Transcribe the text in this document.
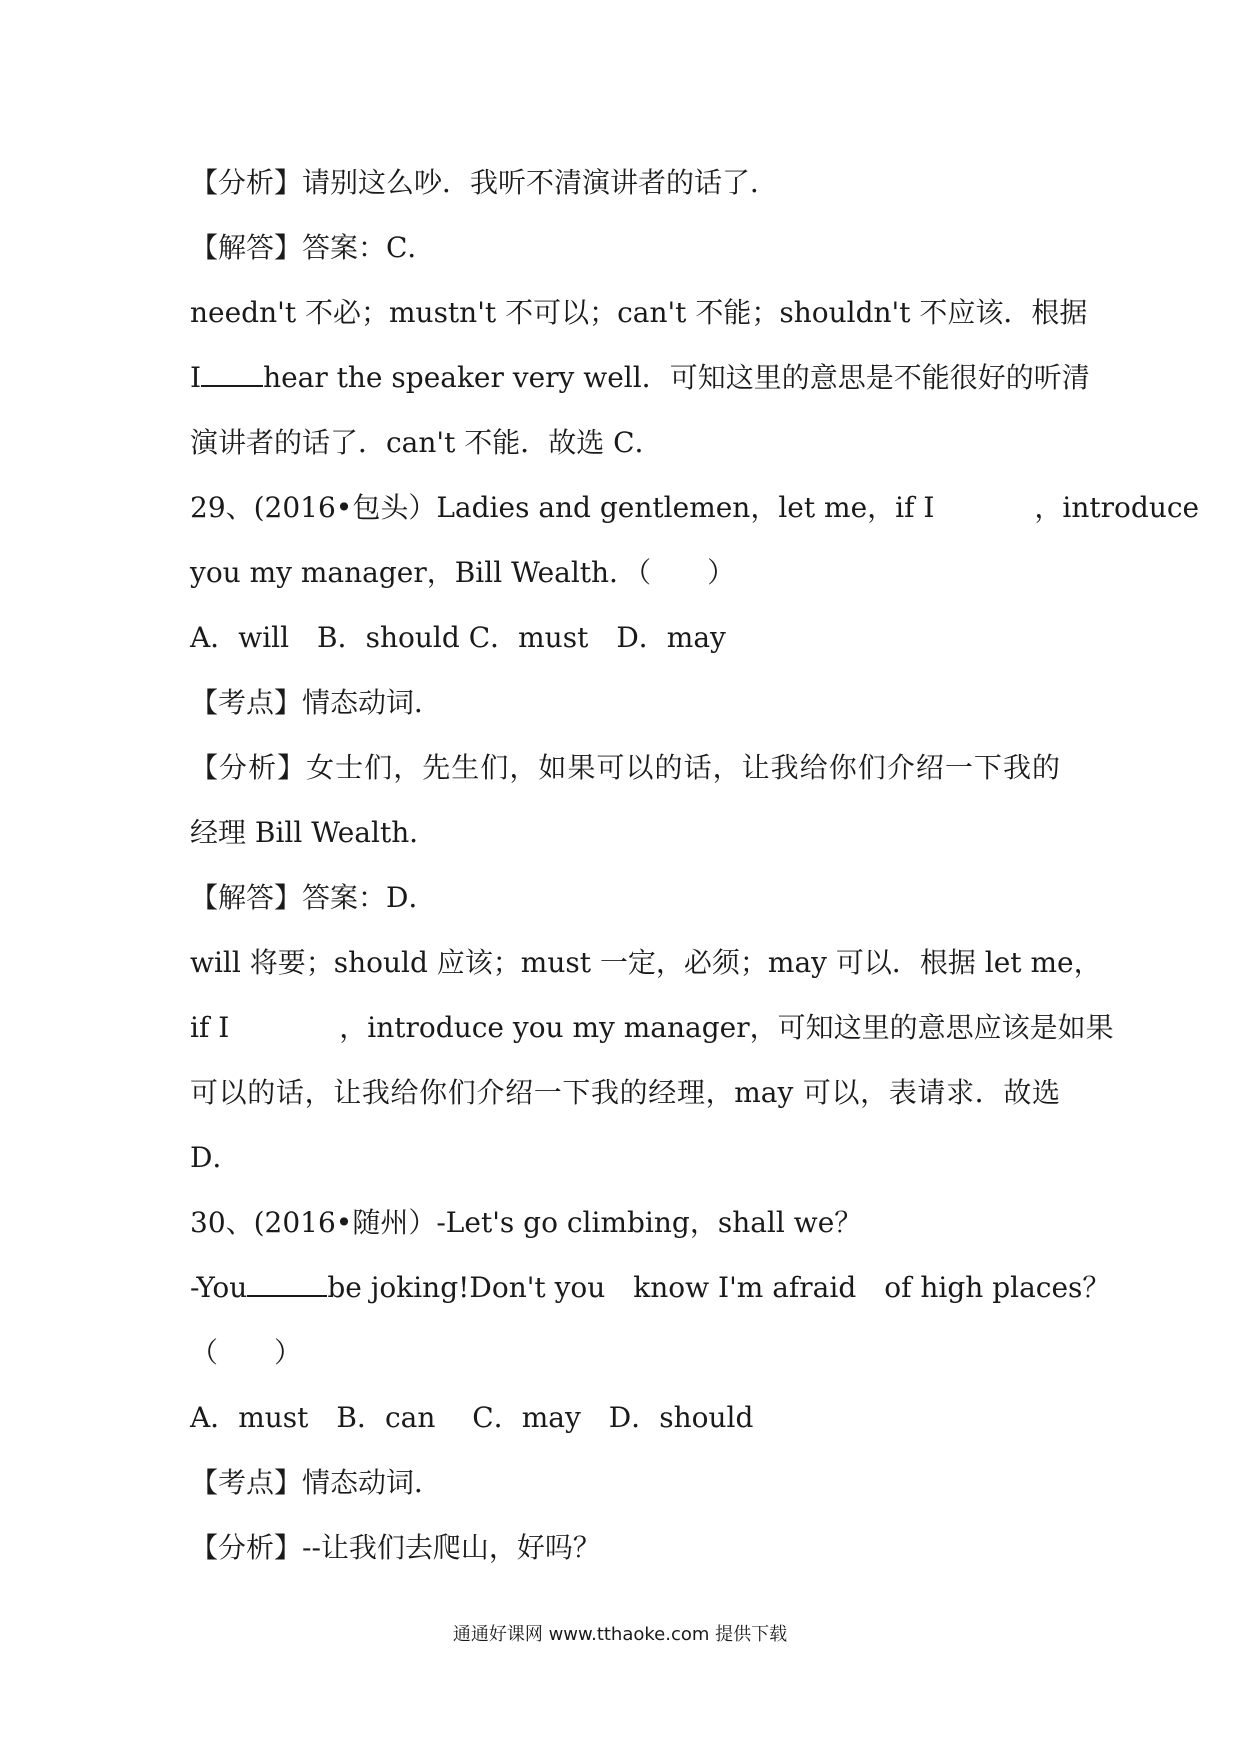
【分析】请别这么吵．我听不清演讲者的话了．
【解答】答案：C．
needn't 不必；mustn't 不可以；can't 不能；shouldn't 不应该．根据
I hear the speaker very well．可知这里的意思是不能很好的听清
演讲者的话了．can't 不能．故选 C．
29、(2016•包头）Ladies and gentlemen，let me，if I	，introduce
you my manager，Bill Wealth．（　　）
A．will　B．should C．must　D．may
【考点】情态动词．
【分析】女士们，先生们，如果可以的话，让我给你们介绍一下我的
经理 Bill Wealth．
【解答】答案：D．
will 将要；should 应该；must 一定，必须；may 可以．根据 let me，
if I	，introduce you my manager，可知这里的意思应该是如果
可以的话，让我给你们介绍一下我的经理，may 可以，表请求．故选
D．
30、(2016•随州）-Let's go climbing，shall we？
-You	be joking!Don't you　know I'm afraid　of high places？
（　　）
A．must　B．can　 C．may　D．should
【考点】情态动词．
【分析】--让我们去爬山，好吗？
通通好课网 www.tthaoke.com 提供下载
